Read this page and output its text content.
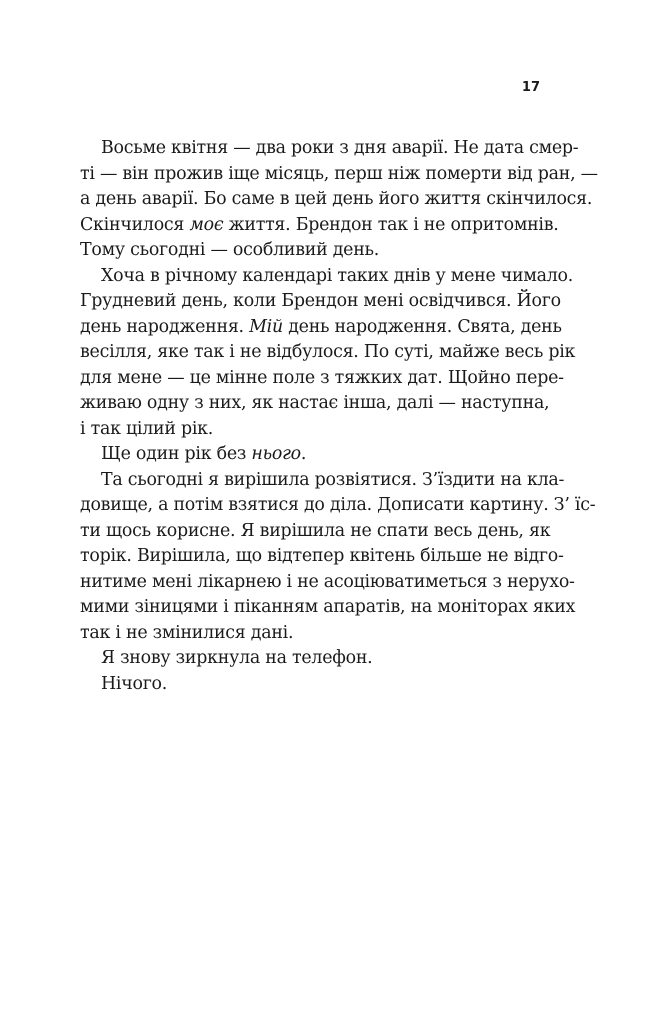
17
Восьме квітня — два роки з дня аварії. Не дата смер-
ті — він прожив іще місяць, перш ніж померти від ран, —
а день аварії. Бо саме в цей день його життя скінчилося.
Скінчилося моє життя. Брендон так і не опритомнів.
Тому сьогодні — особливий день.
Хоча в річному календарі таких днів у мене чимало.
Грудневий день, коли Брендон мені освідчився. Його
день народження. Мій день народження. Свята, день
весілля, яке так і не відбулося. По суті, майже весь рік
для мене — це мінне поле з тяжких дат. Щойно пере-
живаю одну з них, як настає інша, далі — наступна,
і так цілий рік.
Ще один рік без нього.
Та сьогодні я вирішила розвіятися. З’їздити на кла-
довище, а потім взятися до діла. Дописати картину. З’ їс-
ти щось корисне. Я вирішила не спати весь день, як
торік. Вирішила, що відтепер квітень більше не відго-
нитиме мені лікарнею і не асоціюватиметься з нерухо-
мими зіницями і піканням апаратів, на моніторах яких
так і не змінилися дані.
Я знову зиркнула на телефон.
Нічого.
